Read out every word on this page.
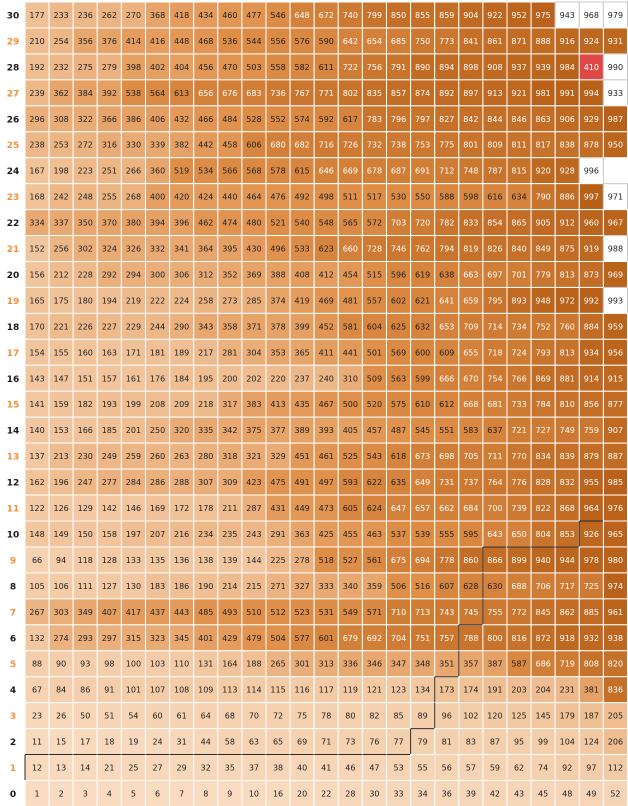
177 233 236 262 270 368 418 434 460 477 546 648 672 740 799 850 855 859 904 922 952 975 943 968 979
210 254 356 376 414 416 448 468 536 544 556 576 590 642 654 685 750 773 841 861 871 888 916 924 931
192 232 275 279 398 402 404 456 470 503 558 582 611 722 756 791 890 894 898 908 937 939 984 410 990
239 362 384 392 538 564 613 656 676 683 736 767 771 802 835 857 874 892 897 913 921 981 991 994 933
296 308 322 366 386 406 432 466 484 528 552 574 592 617 783 796 797 827 842 844 846 863 906 929 987
238 253 272 316 330 339 382 442 458 606 680 682 716 726 732 738 753 775 801 809 811 817 838 878 950
167 198 223 251 266 360 519 534 566 568 578 615 646 669 678 687 691 712 748 787 815 920 928 996
168 242 248 255 268 400 420 424 440 464 476 492 498 511 517 530 550 588 598 616 634 790 886 997 971
334 337 350 370 380 394 396 462 474 480 521 540 548 565 572 703 720 782 833 854 865 905 912 960 967
152 256 302 324 326 332 341 364 395 430 496 533 623 660 728 746 762 794 819 826 840 849 875 919 988
156 212 228 292 294 300 306 312 352 369 388 408 412 454 515 596 619 638 663 697 701 779 813 873 969
165 175 180 194 219 222 224 258 273 285 374 419 469 481 557 602 621 641 659 795 893 948 972 992 993
170 221 226 227 229 244 290 343 358 371 378 399 452 581 604 625 632 653 709 714 734 752 760 884 959
154 155 160 163 171 181 189 217 281 304 353 365 411 441 501 569 600 609 655 718 724 793 813 934 956
143 147 151 157 161 176 184 195 200 202 220 237 240 310 509 563 599 666 670 754 766 869 881 914 915
141 159 182 193 199 208 209 218 317 383 413 435 467 500 520 575 610 612 668 681 733 784 810 856 877
140 153 166 185 201 250 320 335 342 375 377 389 393 405 457 487 545 551 583 637 721 727 749 759 907
137 213 230 249 259 260 263 280 318 321 329 451 461 525 543 618 673 698 705 711 770 834 839 879 887
162 196 247 277 284 286 288 307 309 423 475 491 497 593 622 635 649 731 737 764 776 828 832 955 985
122 126 129 142 146 169 172 178 211 287 431 449 473 605 624 647 657 662 684 700 739 822 868 964 976
148 149 150 158 197 207 216 234 235 243 291 363 425 455 463 537 539 555 595 643 650 804 853 926 965
66 94 118 128 133 135 136 138 139 144 225 278 518 527 561 675 694 778 860 866 899 940 944 978 980
105 106 111 127 130 183 186 190 214 215 271 327 333 340 359 506 516 607 628 630 688 706 717 725 974
267 303 349 407 417 437 443 485 493 510 512 523 531 549 571 710 713 743 745 755 772 845 862 885 961
132 274 293 297 315 323 345 401 429 479 504 577 601 679 692 704 751 757 788 800 816 872 918 932 938
88 90 93 98 100 103 110 131 164 188 265 301 313 336 346 347 348 351 357 387 587 686 719 808 820
67 84 86 91 101 107 108 109 113 114 115 116 117 119 121 123 134 173 174 191 203 204 231 381 836
23 26 50 51 54 60 61 64 68 70 72 75 78 80 82 85 89 96 102 120 125 145 179 187 205
11 15 17 18 19 24 31 44 58 63 65 69 71 73 76 77 79 81 83 87 95 99 104 124 206
12 13 14 21 25 27 29 32 35 37 38 40 41 46 47 53 55 56 57 59 62 74 92 97 112
1 2 3 4 5 6 7 8 9 10 16 20 22 28 30 33 34 36 39 42 43 45 48 49 52
30
29
28
27
26
25
24
23
22
21
20
19
18
17
16
15
14
13
12
11
10
9
8
7
6
5
4
3
2
1
0
